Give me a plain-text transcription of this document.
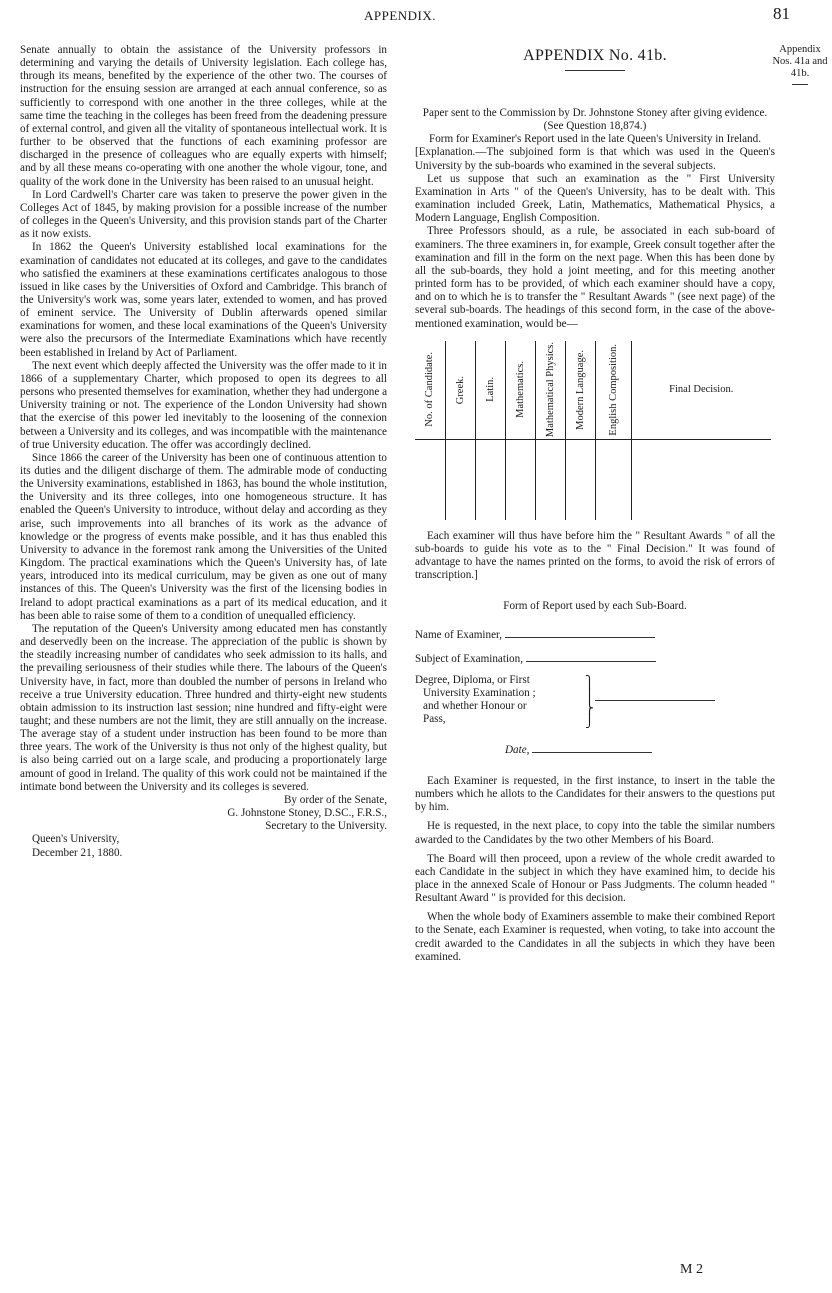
APPENDIX.	81
Appendix
Nos. 41a and
41b.

Senate annually to obtain the assistance of the University professors in determining and varying the details of University legislation. Each college has, through its means, benefited by the experience of the other two. The courses of instruction for the ensuing session are arranged at each annual conference, so as sufficiently to correspond with one another in the three colleges, while at the same time the teaching in the colleges has been freed from the deadening pressure of external control, and given all the vitality of spontaneous intellectual work. It is further to be observed that the functions of each examining professor are discharged in the presence of colleagues who are equally experts with himself; and by all these means co-operating with one another the whole vigour, tone, and quality of the work done in the University has been raised to an unusual height.

In Lord Cardwell's Charter care was taken to preserve the power given in the Colleges Act of 1845, by making provision for a possible increase of the number of colleges in the Queen's University, and this provision stands part of the Charter as it now exists.

In 1862 the Queen's University established local examinations for the examination of candidates not educated at its colleges, and gave to the candidates who satisfied the examiners at these examinations certificates analogous to those issued in like cases by the Universities of Oxford and Cambridge. This branch of the University's work was, some years later, extended to women, and has proved of eminent service. The University of Dublin afterwards opened similar examinations for women, and these local examinations of the Queen's University were also the precursors of the Intermediate Examinations which have recently been established in Ireland by Act of Parliament.

The next event which deeply affected the University was the offer made to it in 1866 of a supplementary Charter, which proposed to open its degrees to all persons who presented themselves for examination, whether they had undergone a University training or not. The experience of the London University had shown that the exercise of this power led inevitably to the loosening of the connexion between a University and its colleges, and was incompatible with the maintenance of true University education. The offer was accordingly declined.

Since 1866 the career of the University has been one of continuous attention to its duties and the diligent discharge of them. The admirable mode of conducting the University examinations, established in 1863, has bound the whole institution, the University and its three colleges, into one homogeneous structure. It has enabled the Queen's University to introduce, without delay and according as they arise, such improvements into all branches of its work as the advance of knowledge or the progress of events make possible, and it has thus enabled this University to advance in the foremost rank among the Universities of the United Kingdom. The practical examinations which the Queen's University has, of late years, introduced into its medical curriculum, may be given as one out of many instances of this. The Queen's University was the first of the licensing bodies in Ireland to adopt practical examinations as a part of its medical education, and it has been able to raise some of them to a condition of unequalled efficiency.

The reputation of the Queen's University among educated men has constantly and deservedly been on the increase. The appreciation of the public is shown by the steadily increasing number of candidates who seek admission to its halls, and the prevailing seriousness of their studies while there. The labours of the Queen's University have, in fact, more than doubled the number of persons in Ireland who receive a true University education. Three hundred and thirty-eight new students obtain admission to its instruction last session; nine hundred and fifty-eight were taught; and these numbers are not the limit, they are still annually on the increase. The average stay of a student under instruction has been found to be more than three years. The work of the University is thus not only of the highest quality, but is also being carried out on a large scale, and producing a proportionately large amount of good in Ireland. The quality of this work could not be maintained if the intimate bond between the University and its colleges is severed.

By order of the Senate,

G. Johnstone Stoney, D.SC., F.R.S.,

Secretary to the University.

Queen's University,

December 21, 1880.

APPENDIX No. 41b.

Paper sent to the Commission by Dr. Johnstone Stoney after giving evidence. (See Question 18,874.)

Form for Examiner's Report used in the late Queen's University in Ireland.

[Explanation.—The subjoined form is that which was used in the Queen's University by the sub-boards who examined in the several subjects.

Let us suppose that such an examination as the " First University Examination in Arts " of the Queen's University, has to be dealt with. This examination included Greek, Latin, Mathematics, Mathematical Physics, a Modern Language, English Composition.

Three Professors should, as a rule, be associated in each sub-board of examiners. The three examiners in, for example, Greek consult together after the examination and fill in the form on the next page. When this has been done by all the sub-boards, they hold a joint meeting, and for this meeting another printed form has to be provided, of which each examiner should have a copy, and on to which he is to transfer the " Resultant Awards " (see next page) of the several sub-boards. The headings of this second form, in the case of the above-mentioned examination, would be—

No. of Candidate.	Greek.	Latin.	Mathematics.	Mathematical Physics.	Modern Language.	English Composition.	Final Decision.

Each examiner will thus have before him the " Resultant Awards " of all the sub-boards to guide his vote as to the " Final Decision." It was found of advantage to have the names printed on the forms, to avoid the risk of errors of transcription.]

Form of Report used by each Sub-Board.

Name of Examiner,
Subject of Examination,
Degree, Diploma, or First
University Examination ;
and whether Honour or
Pass,
⎫
⎪
⎬
⎭
Date,

Each Examiner is requested, in the first instance, to insert in the table the numbers which he allots to the Candidates for their answers to the questions put by him.

He is requested, in the next place, to copy into the table the similar numbers awarded to the Candidates by the two other Members of his Board.

The Board will then proceed, upon a review of the whole credit awarded to each Candidate in the subject in which they have examined him, to decide his place in the annexed Scale of Honour or Pass Judgments. The column headed " Resultant Award " is provided for this decision.

When the whole body of Examiners assemble to make their combined Report to the Senate, each Examiner is requested, when voting, to take into account the credit awarded to the Candidates in all the subjects in which they have been examined.

M 2
